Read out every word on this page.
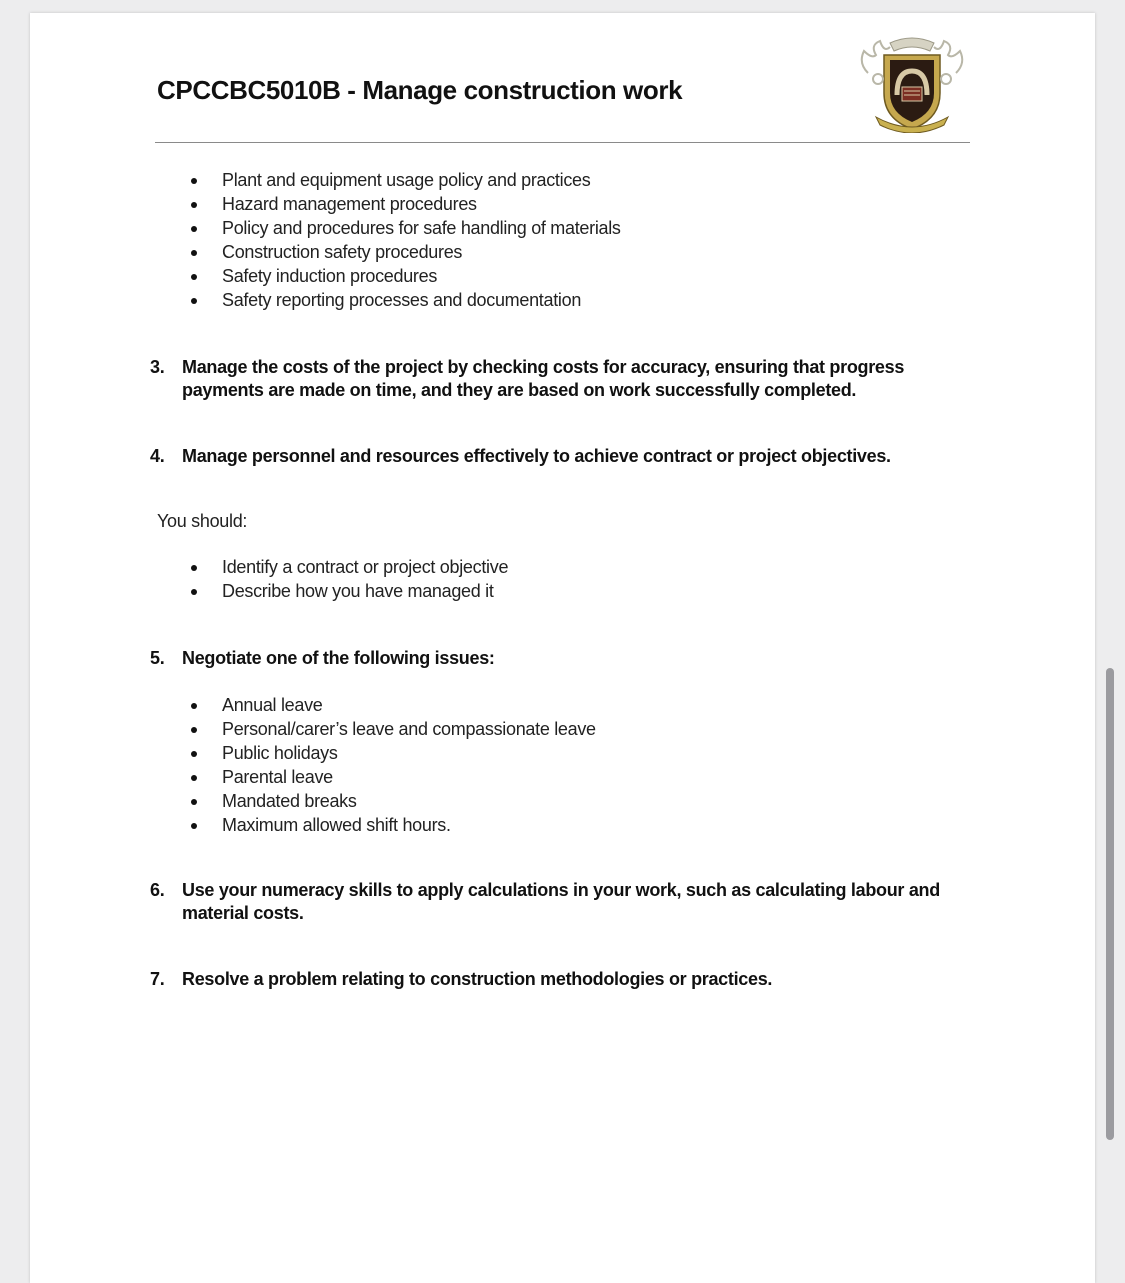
CPCCBC5010B - Manage construction work
Plant and equipment usage policy and practices
Hazard management procedures
Policy and procedures for safe handling of materials
Construction safety procedures
Safety induction procedures
Safety reporting processes and documentation
3. Manage the costs of the project by checking costs for accuracy, ensuring that progress payments are made on time, and they are based on work successfully completed.
4. Manage personnel and resources effectively to achieve contract or project objectives.
You should:
Identify a contract or project objective
Describe how you have managed it
5. Negotiate one of the following issues:
Annual leave
Personal/carer’s leave and compassionate leave
Public holidays
Parental leave
Mandated breaks
Maximum allowed shift hours.
6. Use your numeracy skills to apply calculations in your work, such as calculating labour and material costs.
7. Resolve a problem relating to construction methodologies or practices.
